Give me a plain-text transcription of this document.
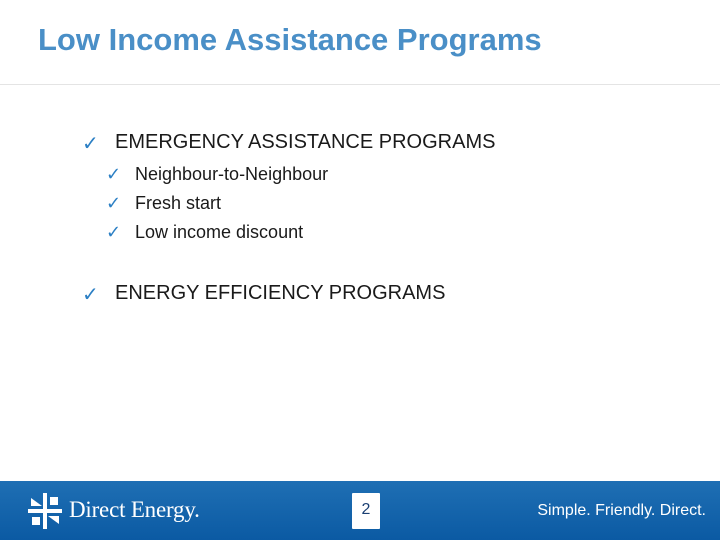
Low Income Assistance Programs
✓ EMERGENCY ASSISTANCE PROGRAMS
✓ Neighbour-to-Neighbour
✓ Fresh start
✓ Low income discount
✓ ENERGY EFFICIENCY PROGRAMS
Direct Energy.	2	Simple. Friendly. Direct.
